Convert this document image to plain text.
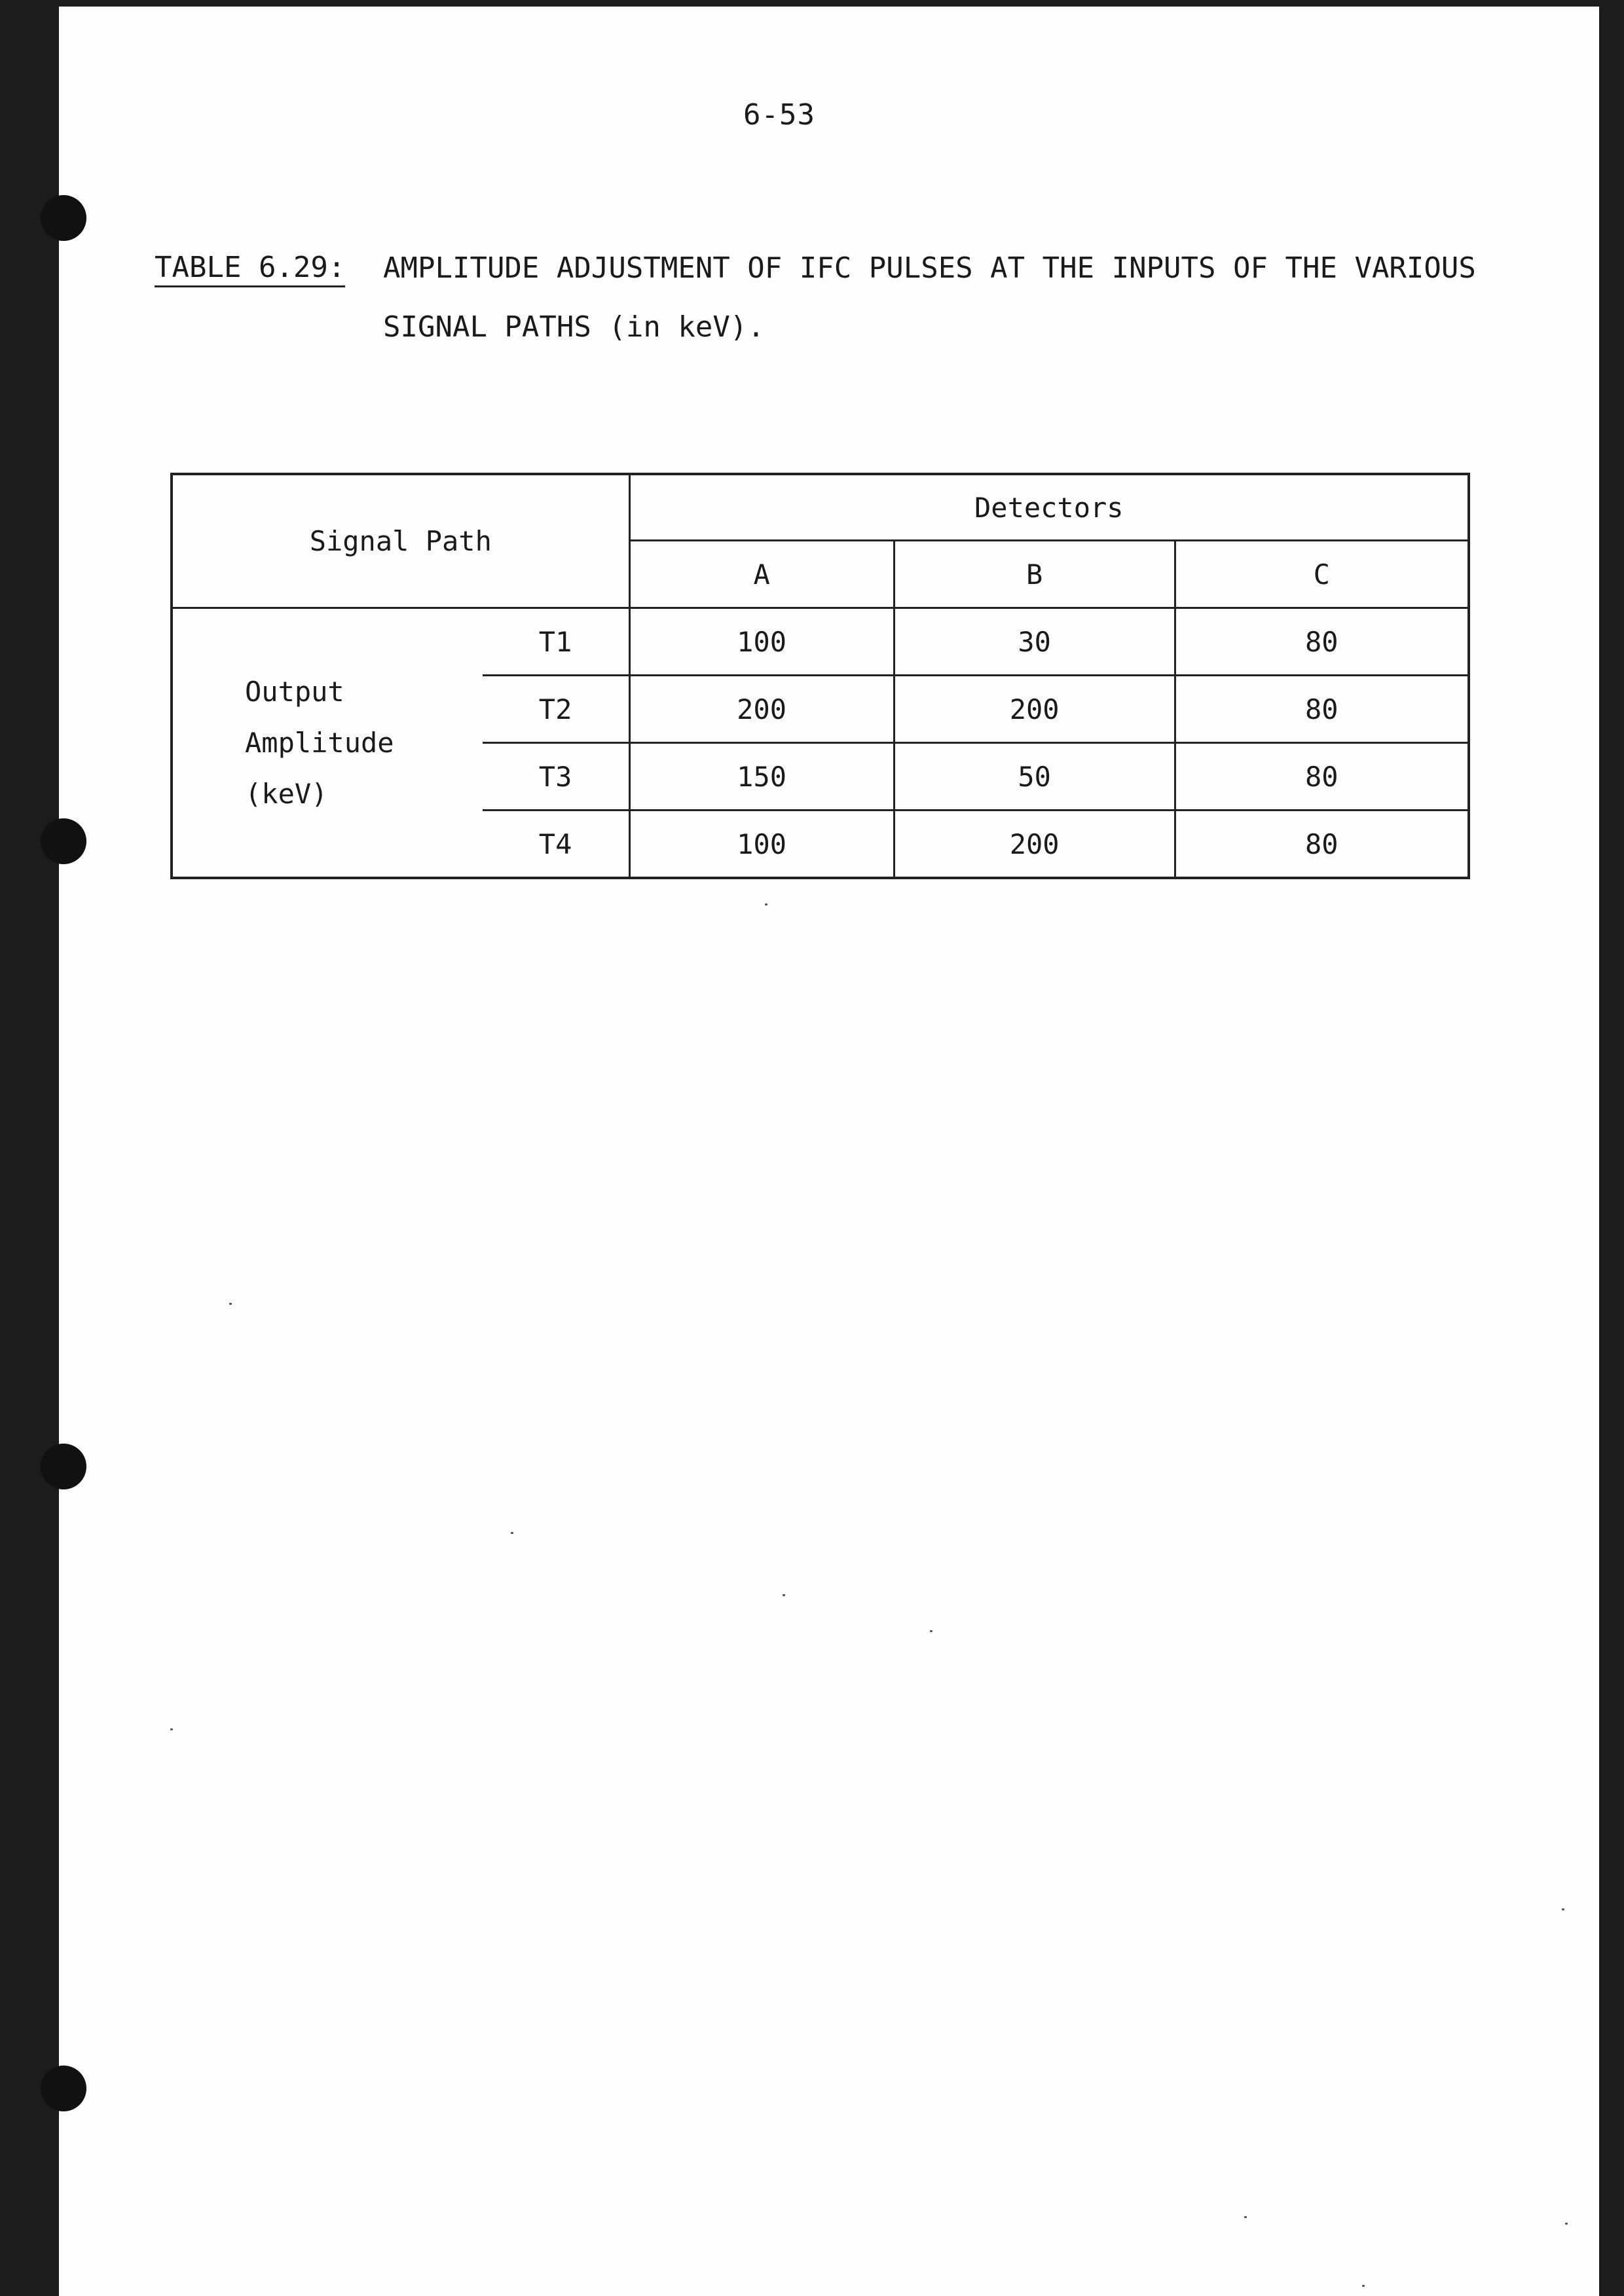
6-53
TABLE 6.29: AMPLITUDE ADJUSTMENT OF IFC PULSES AT THE INPUTS OF THE VARIOUS SIGNAL PATHS (in keV).
Signal Path		Detectors		
		A	B	C

Output
Amplitude
(keV)	T1	100	30	80
	T2	200	200	80
	T3	150	50	80
	T4	100	200	80
